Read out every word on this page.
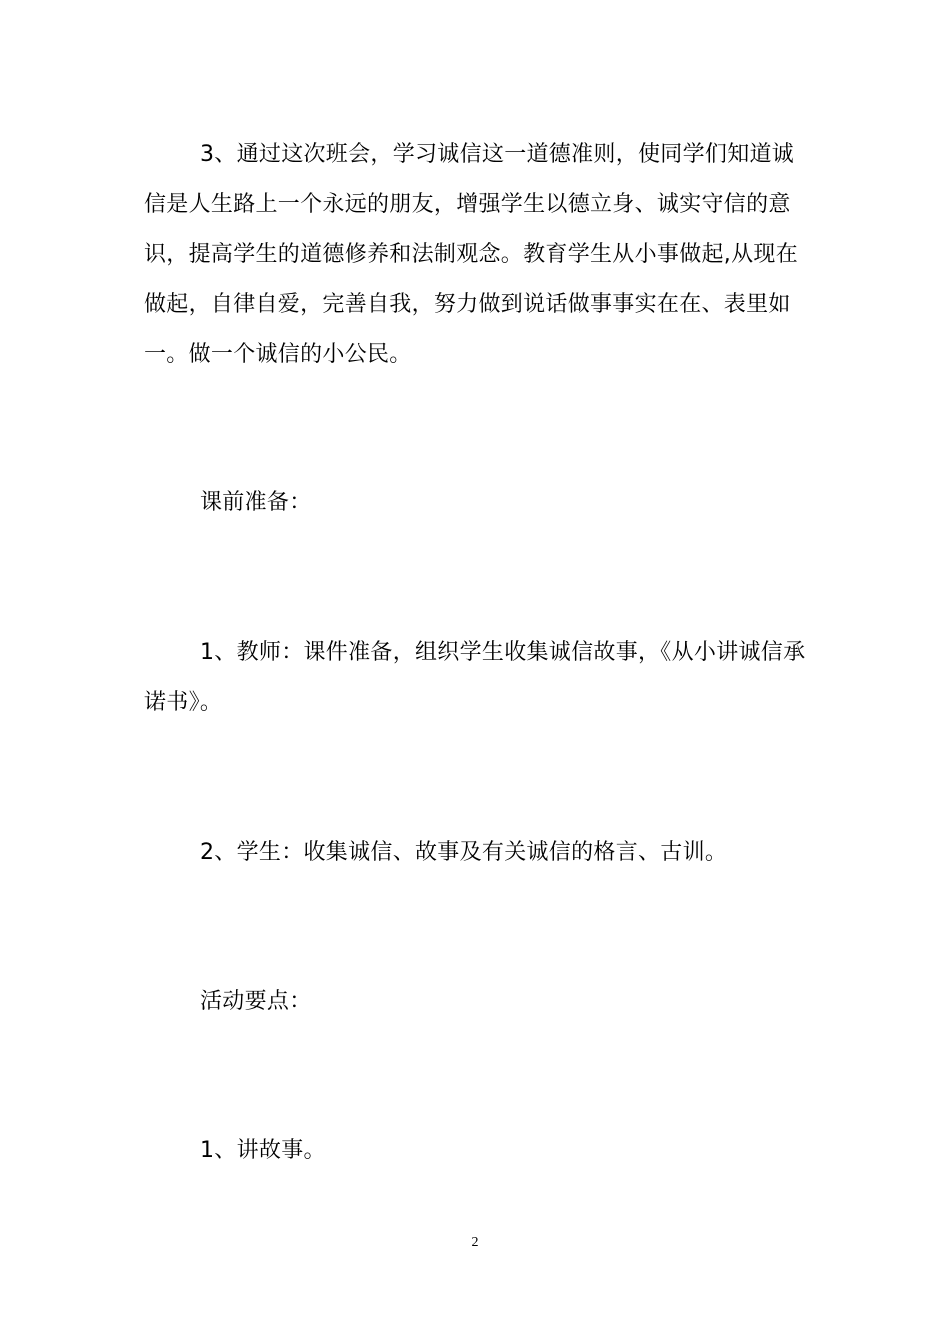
3、通过这次班会，学习诚信这一道德准则，使同学们知道诚信是人生路上一个永远的朋友，增强学生以德立身、诚实守信的意识，提高学生的道德修养和法制观念。教育学生从小事做起,从现在做起，自律自爱，完善自我，努力做到说话做事事实在在、表里如一。做一个诚信的小公民。

课前准备：

1、教师：课件准备，组织学生收集诚信故事，《从小讲诚信承诺书》。

2、学生：收集诚信、故事及有关诚信的格言、古训。

活动要点：

1、讲故事。

2
